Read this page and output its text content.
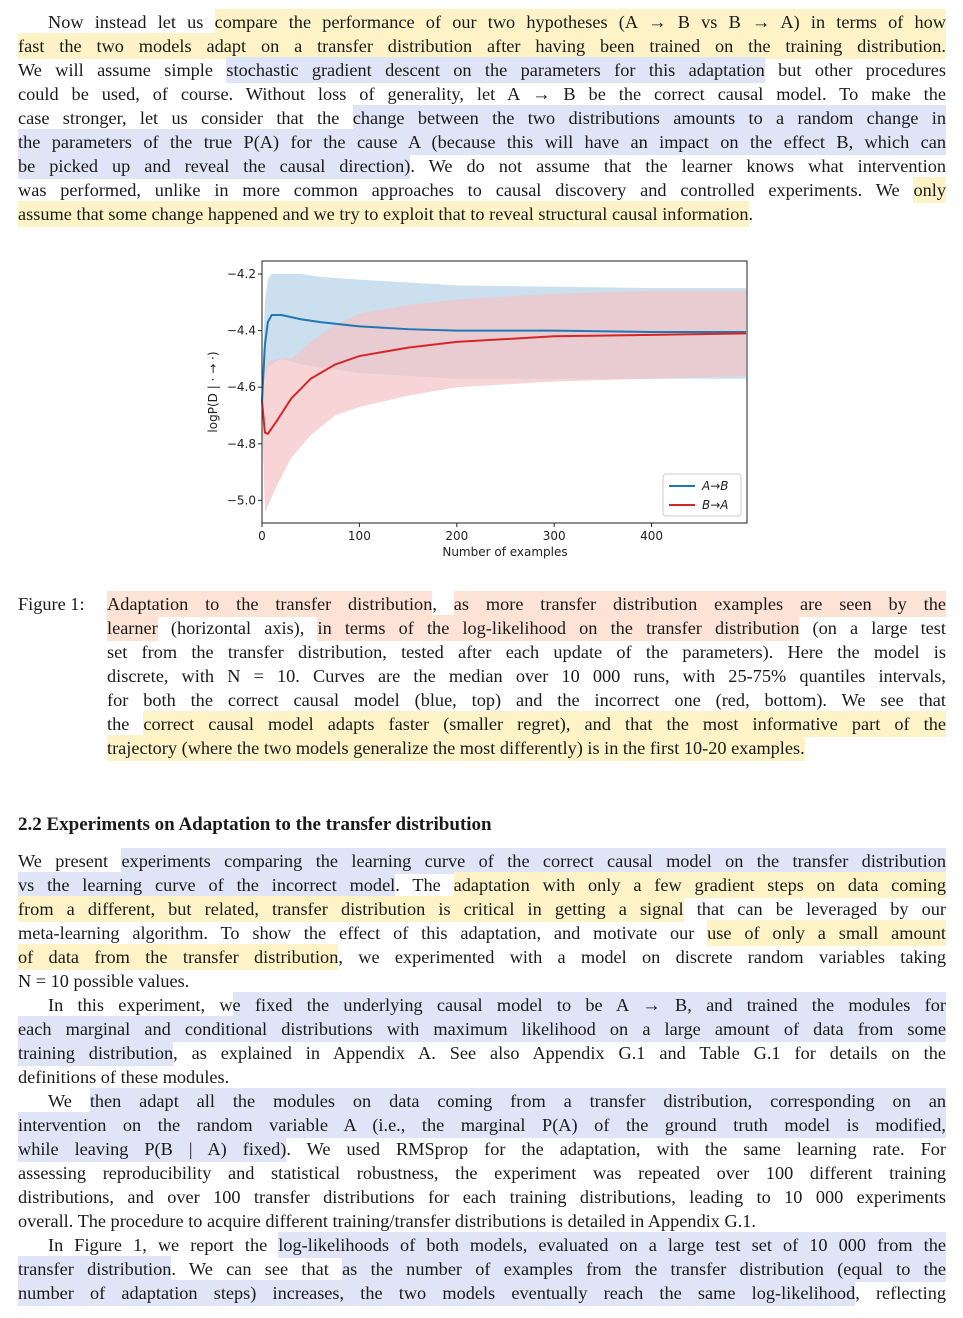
Now instead let us compare the performance of our two hypotheses (A → B vs B → A) in terms of how
fast the two models adapt on a transfer distribution after having been trained on the training distribution.
We will assume simple stochastic gradient descent on the parameters for this adaptation but other procedures
could be used, of course. Without loss of generality, let A → B be the correct causal model. To make the
case stronger, let us consider that the change between the two distributions amounts to a random change in
the parameters of the true P(A) for the cause A (because this will have an impact on the effect B, which can
be picked up and reveal the causal direction). We do not assume that the learner knows what intervention
was performed, unlike in more common approaches to causal discovery and controlled experiments. We only
assume that some change happened and we try to exploit that to reveal structural causal information.
0	100	200	300	400
−4.2
−4.4
−4.6
−4.8
−5.0
Number of examples
logP(D | · → ·)
A→B
B→A
Figure 1: Adaptation to the transfer distribution, as more transfer distribution examples are seen by the
learner (horizontal axis), in terms of the log-likelihood on the transfer distribution (on a large test
set from the transfer distribution, tested after each update of the parameters). Here the model is
discrete, with N = 10. Curves are the median over 10 000 runs, with 25-75% quantiles intervals,
for both the correct causal model (blue, top) and the incorrect one (red, bottom). We see that
the correct causal model adapts faster (smaller regret), and that the most informative part of the
trajectory (where the two models generalize the most differently) is in the first 10-20 examples.
2.2 Experiments on Adaptation to the transfer distribution
We present experiments comparing the learning curve of the correct causal model on the transfer distribution
vs the learning curve of the incorrect model. The adaptation with only a few gradient steps on data coming
from a different, but related, transfer distribution is critical in getting a signal that can be leveraged by our
meta-learning algorithm. To show the effect of this adaptation, and motivate our use of only a small amount
of data from the transfer distribution, we experimented with a model on discrete random variables taking
N = 10 possible values.
In this experiment, we fixed the underlying causal model to be A → B, and trained the modules for
each marginal and conditional distributions with maximum likelihood on a large amount of data from some
training distribution, as explained in Appendix A. See also Appendix G.1 and Table G.1 for details on the
definitions of these modules.
We then adapt all the modules on data coming from a transfer distribution, corresponding on an
intervention on the random variable A (i.e., the marginal P(A) of the ground truth model is modified,
while leaving P(B | A) fixed). We used RMSprop for the adaptation, with the same learning rate. For
assessing reproducibility and statistical robustness, the experiment was repeated over 100 different training
distributions, and over 100 transfer distributions for each training distributions, leading to 10 000 experiments
overall. The procedure to acquire different training/transfer distributions is detailed in Appendix G.1.
In Figure 1, we report the log-likelihoods of both models, evaluated on a large test set of 10 000 from the
transfer distribution. We can see that as the number of examples from the transfer distribution (equal to the
number of adaptation steps) increases, the two models eventually reach the same log-likelihood, reflecting
